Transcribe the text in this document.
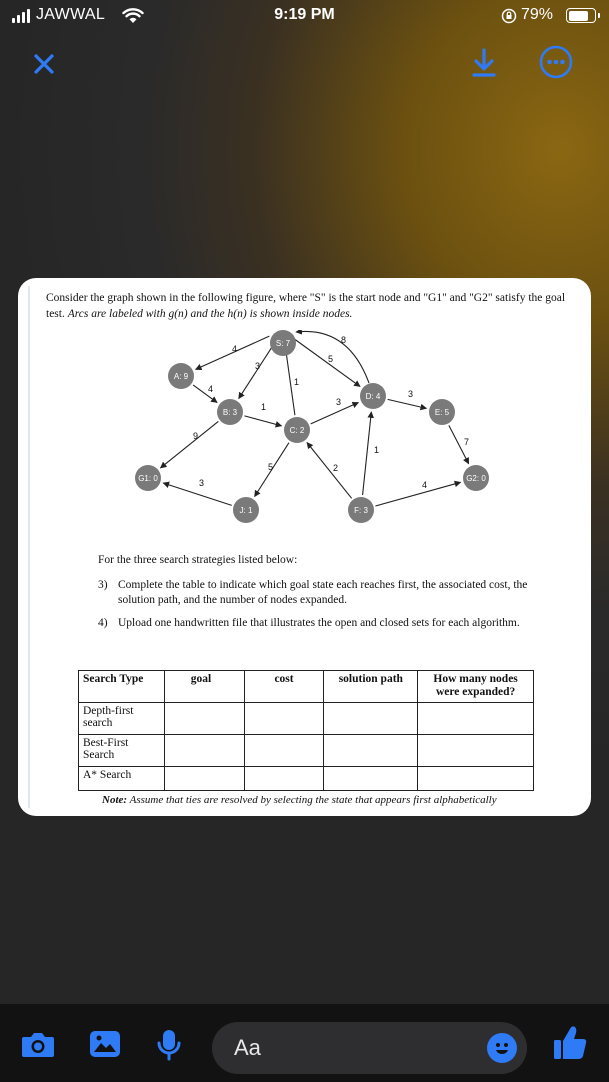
JAWWAL	9:19 PM	79%
Consider the graph shown in the following figure, where "S" is the start node and "G1" and "G2" satisfy the goal test. Arcs are labeled with g(n) and the h(n) is shown inside nodes.
4
3
1
8
5
4
1	3
3
9
3
5	2
1
4
7
S: 7
A: 9
B: 3
C: 2
D: 4
E: 5
G1: 0	G2: 0
J: 1	F: 3
For the three search strategies listed below:
3) Complete the table to indicate which goal state each reaches first, the associated cost, the solution path, and the number of nodes expanded.
4) Upload one handwritten file that illustrates the open and closed sets for each algorithm.
Search Type	goal	cost	solution path	How many nodes were expanded?
Depth-first search				
Best-First Search				
A* Search				
Note: Assume that ties are resolved by selecting the state that appears first alphabetically
Aa
